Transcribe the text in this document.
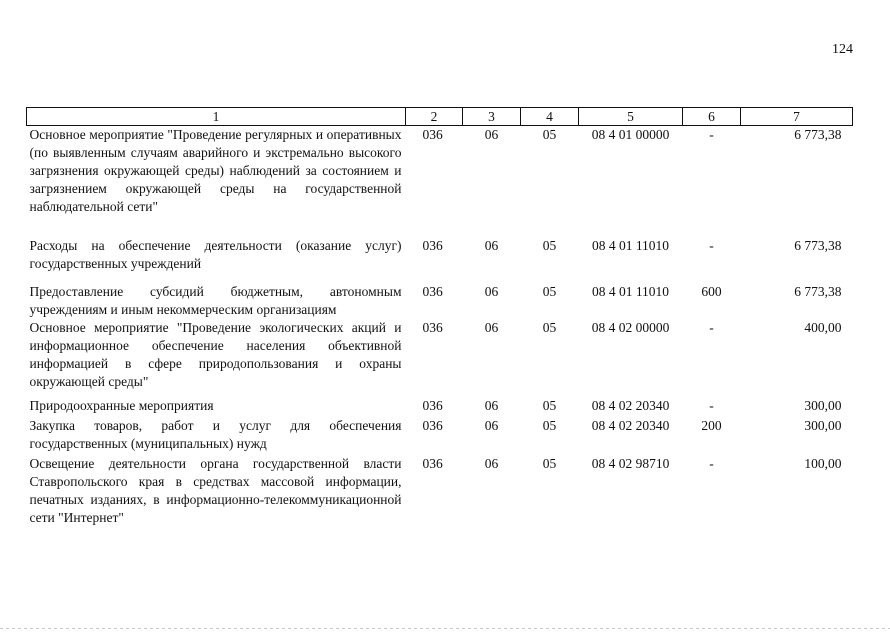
124
1	2	3	4	5	6	7
Основное мероприятие "Проведение регулярных и оперативных (по выявленным случаям аварийного и экстремально высокого загрязнения окружающей среды) наблюдений за состоянием и загрязнением окружающей среды на государственной наблюдательной сети"	036	06	05	08 4 01 00000	-	6 773,38
Расходы на обеспечение деятельности (оказание услуг) государственных учреждений	036	06	05	08 4 01 11010	-	6 773,38
Предоставление субсидий бюджетным, автономным учреждениям и иным некоммерческим организациям	036	06	05	08 4 01 11010	600	6 773,38
Основное мероприятие "Проведение экологических акций и информационное обеспечение населения объективной информацией в сфере природопользования и охраны окружающей среды"	036	06	05	08 4 02 00000	-	400,00
Природоохранные мероприятия	036	06	05	08 4 02 20340	-	300,00
Закупка товаров, работ и услуг для обеспечения государственных (муниципальных) нужд	036	06	05	08 4 02 20340	200	300,00
Освещение деятельности органа государственной власти Ставропольского края в средствах массовой информации, печатных изданиях, в информационно-телекоммуникационной сети "Интернет"	036	06	05	08 4 02 98710	-	100,00
